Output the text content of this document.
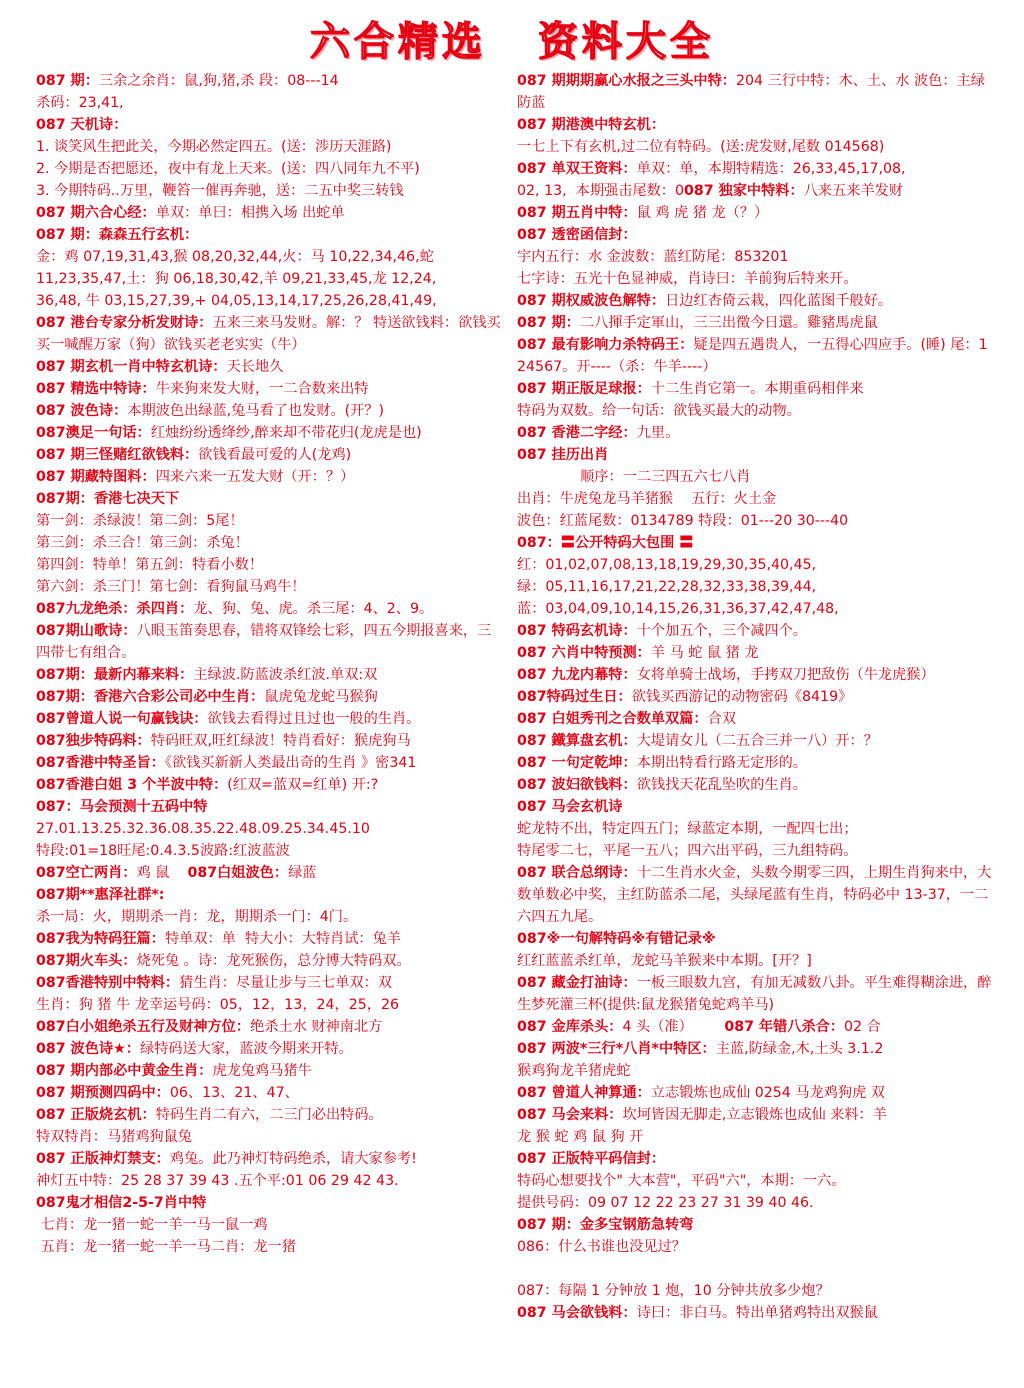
六合精选 资料大全
087 期：三余之余肖：鼠,狗,猪,杀 段：08---14
杀码：23,41,
087 天机诗：
1. 谈笑风生把此关，今期必然定四五。(送：涉历天涯路)
2. 今期是否把愿还，夜中有龙上天来。(送：四八同年九不平)
3. 今期特码..万里，鞭笞一催再奔驰，送：二五中奖三转钱
087 期六合心经：单双：单曰：相携入场 出蛇单
087 期：森森五行玄机：
金：鸡 07,19,31,43,猴 08,20,32,44,火：马 10,22,34,46,蛇
11,23,35,47,土：狗 06,18,30,42,羊 09,21,33,45,龙 12,24,
36,48, 牛 03,15,27,39,+ 04,05,13,14,17,25,26,28,41,49,
087 港台专家分析发财诗：五来三来马发财。解：？ 特送欲钱料：欲钱买买一喊醒万家（狗）欲钱买老老实实（牛）
087 期玄机一肖中特玄机诗：天长地久
087 精选中特诗：牛来狗来发大财，一二合数来出特
087 波色诗：本期波色出绿蓝,兔马看了也发财。(开？)
087澳足一句话：红烛纷纷透绛纱,醉来却不带花归(龙虎是也)
087 期三怪赌红欲钱料：欲钱看最可爱的人(龙鸡)
087 期藏特图料：四来六来一五发大财（开：？）
087期：香港七决天下
第一剑：杀绿波！第二剑：5尾！
第三剑：杀三合！第三剑：杀兔！
第四剑：特单！第五剑：特看小数！
第六剑：杀三门！第七剑：看狗鼠马鸡牛！
087九龙绝杀：杀四肖：龙、狗、兔、虎。杀三尾：4、2、9。
087期山歌诗：八眼玉笛奏思春，错将双锋绘七彩，四五今期报喜来，三四带七有组合。
087期：最新内幕来料：主绿波.防蓝波杀红波.单双:双
087期：香港六合彩公司必中生肖：鼠虎兔龙蛇马猴狗
087曾道人说一句赢钱诀：欲钱去看得过且过也一般的生肖。
087独步特码料：特码旺双,旺红绿波！特肖看好：猴虎狗马
087香港中特圣旨：《欲钱买新新人类最出奇的生肖 》密341
087香港白姐 3 个半波中特：(红双=蓝双=红单) 开:?
087：马会预测十五码中特
27.01.13.25.32.36.08.35.22.48.09.25.34.45.10
特段:01=18旺尾:0.4.3.5波路:红波蓝波
087空亡两肖：鸡 鼠    087白姐波色：绿蓝
087期**惠泽社群*:
杀一局：火，期期杀一肖：龙，期期杀一门：4门。
087我为特码狂篇：特单双：单  特大小：大特肖试：兔羊
087期火车头：烧死兔 。诗：龙死猴伤，总分博大特码双。
087香港特别中特料：猜生肖：尽量让步与三七单双：双
生肖：狗 猪 牛 龙幸运号码：05，12，13，24，25，26
087白小姐绝杀五行及财神方位：绝杀土水 财神南北方
087 波色诗★：绿特码送大家，蓝波今期来开特。
087 期内部必中黄金生肖：虎龙兔鸡马猪牛
087 期预测四码中：06、13、21、47、
087 正版烧玄机：特码生肖二有六，二三门必出特码。
特双特肖：马猪鸡狗鼠兔
087 正版神灯禁支：鸡兔。此乃神灯特码绝杀，请大家参考!
神灯五中特：25 28 37 39 43 .五个平:01 06 29 42 43.
087鬼才相信2-5-7肖中特
七肖：龙一猪一蛇一羊一马一鼠一鸡
五肖：龙一猪一蛇一羊一马二肖：龙一猪
087 期期期赢心水报之三头中特：204 三行中特：木、土、水 波色：主绿防蓝
087 期港澳中特玄机：
一七上下有玄机,过二位有特码。(送:虎发财,尾数 014568)
087 单双王资料：单双：单，本期特精选：26,33,45,17,08,
02, 13,  本期强击尾数：0087 独家中特料：八来五来羊发财
087 期五肖中特：鼠 鸡 虎 猪 龙（？）
087 透密函信封：
宇内五行：水 金波数：蓝红防尾：853201
七字诗：五光十色显神威，肖诗曰：羊前狗后特来开。
087 期权威波色解特：日边红杏倚云栽，四化蓝图千般好。
087 期：二八揮手定軍山，三三出徵今日還。雞豬馬虎鼠
087 最有影响力杀特码王：疑是四五遇贵人，一五得心四应手。(睡) 尾：124567。开----（杀：牛羊----）
087 期正版足球报：十二生肖它第一。本期重码相伴来
特码为双数。给一句话：欲钱买最大的动物。
087 香港二字经：九里。
087 挂历出肖
顺序：一二三四五六七八肖
出肖：牛虎兔龙马羊猪猴    五行：火土金
波色：红蓝尾数：0134789 特段：01---20 30---40
087：〓公开特码大包围 〓
红：01,02,07,08,13,18,19,29,30,35,40,45,
绿：05,11,16,17,21,22,28,32,33,38,39,44,
蓝：03,04,09,10,14,15,26,31,36,37,42,47,48,
087 特码玄机诗：十个加五个，三个减四个。
087 六肖中特预测：羊 马 蛇 鼠 猪 龙
087 九龙内幕特：女将单骑士战场，手拷双刀把敌伤（牛龙虎猴）
087特码过生日：欲钱买西游记的动物密码《8419》
087 白姐秀刊之合数单双篇：合双
087 鐵算盘玄机：大堤请女儿（二五合三并一八）开：？
087 一句定乾坤：本期出特看行路无定形的。
087 波妇欲钱料：欲钱找天花乱坠吹的生肖。
087 马会玄机诗
蛇龙特不出，特定四五门；绿蓝定本期，一配四七出；
特尾零二七，平尾一五八；四六出平码，三九组特码。
087 联合总纲诗：十二生肖水火金，头数今期零三四，上期生肖狗来中，大数单数必中奖，主红防蓝杀二尾，头绿尾蓝有生肖，特码必中 13-37，一二六四五九尾。
087※一句解特码※有错记录※
红红蓝蓝杀红单，龙蛇马羊猴来中本期。[开？]
087 藏金打油诗：一板三眼数九宫，有加无减数八卦。平生难得糊涂进，醉生梦死灌三杯(提供:鼠龙猴猪兔蛇鸡羊马)
087 金库杀头：4 头（准）       087 年错八杀合：02 合
087 两波*三行*八肖*中特区：主蓝,防绿金,木,土头 3.1.2
猴鸡狗龙羊猪虎蛇
087 曾道人神算通：立志锻炼也成仙 0254 马龙鸡狗虎 双
087 马会来料：坎坷皆因无脚走,立志锻炼也成仙 来料：羊
龙 猴 蛇 鸡 鼠 狗 开
087 正版特平码信封：
特码心想要找个" 大本营"，平码"六"，本期：一六。
提供号码：09 07 12 22 23 27 31 39 40 46.
087 期：金多宝钢筋急转弯
086：什么书谁也没见过？

087：每隔 1 分钟放 1 炮，10 分钟共放多少炮？
087 马会欲钱料：诗曰：非白马。特出单猪鸡特出双猴鼠
